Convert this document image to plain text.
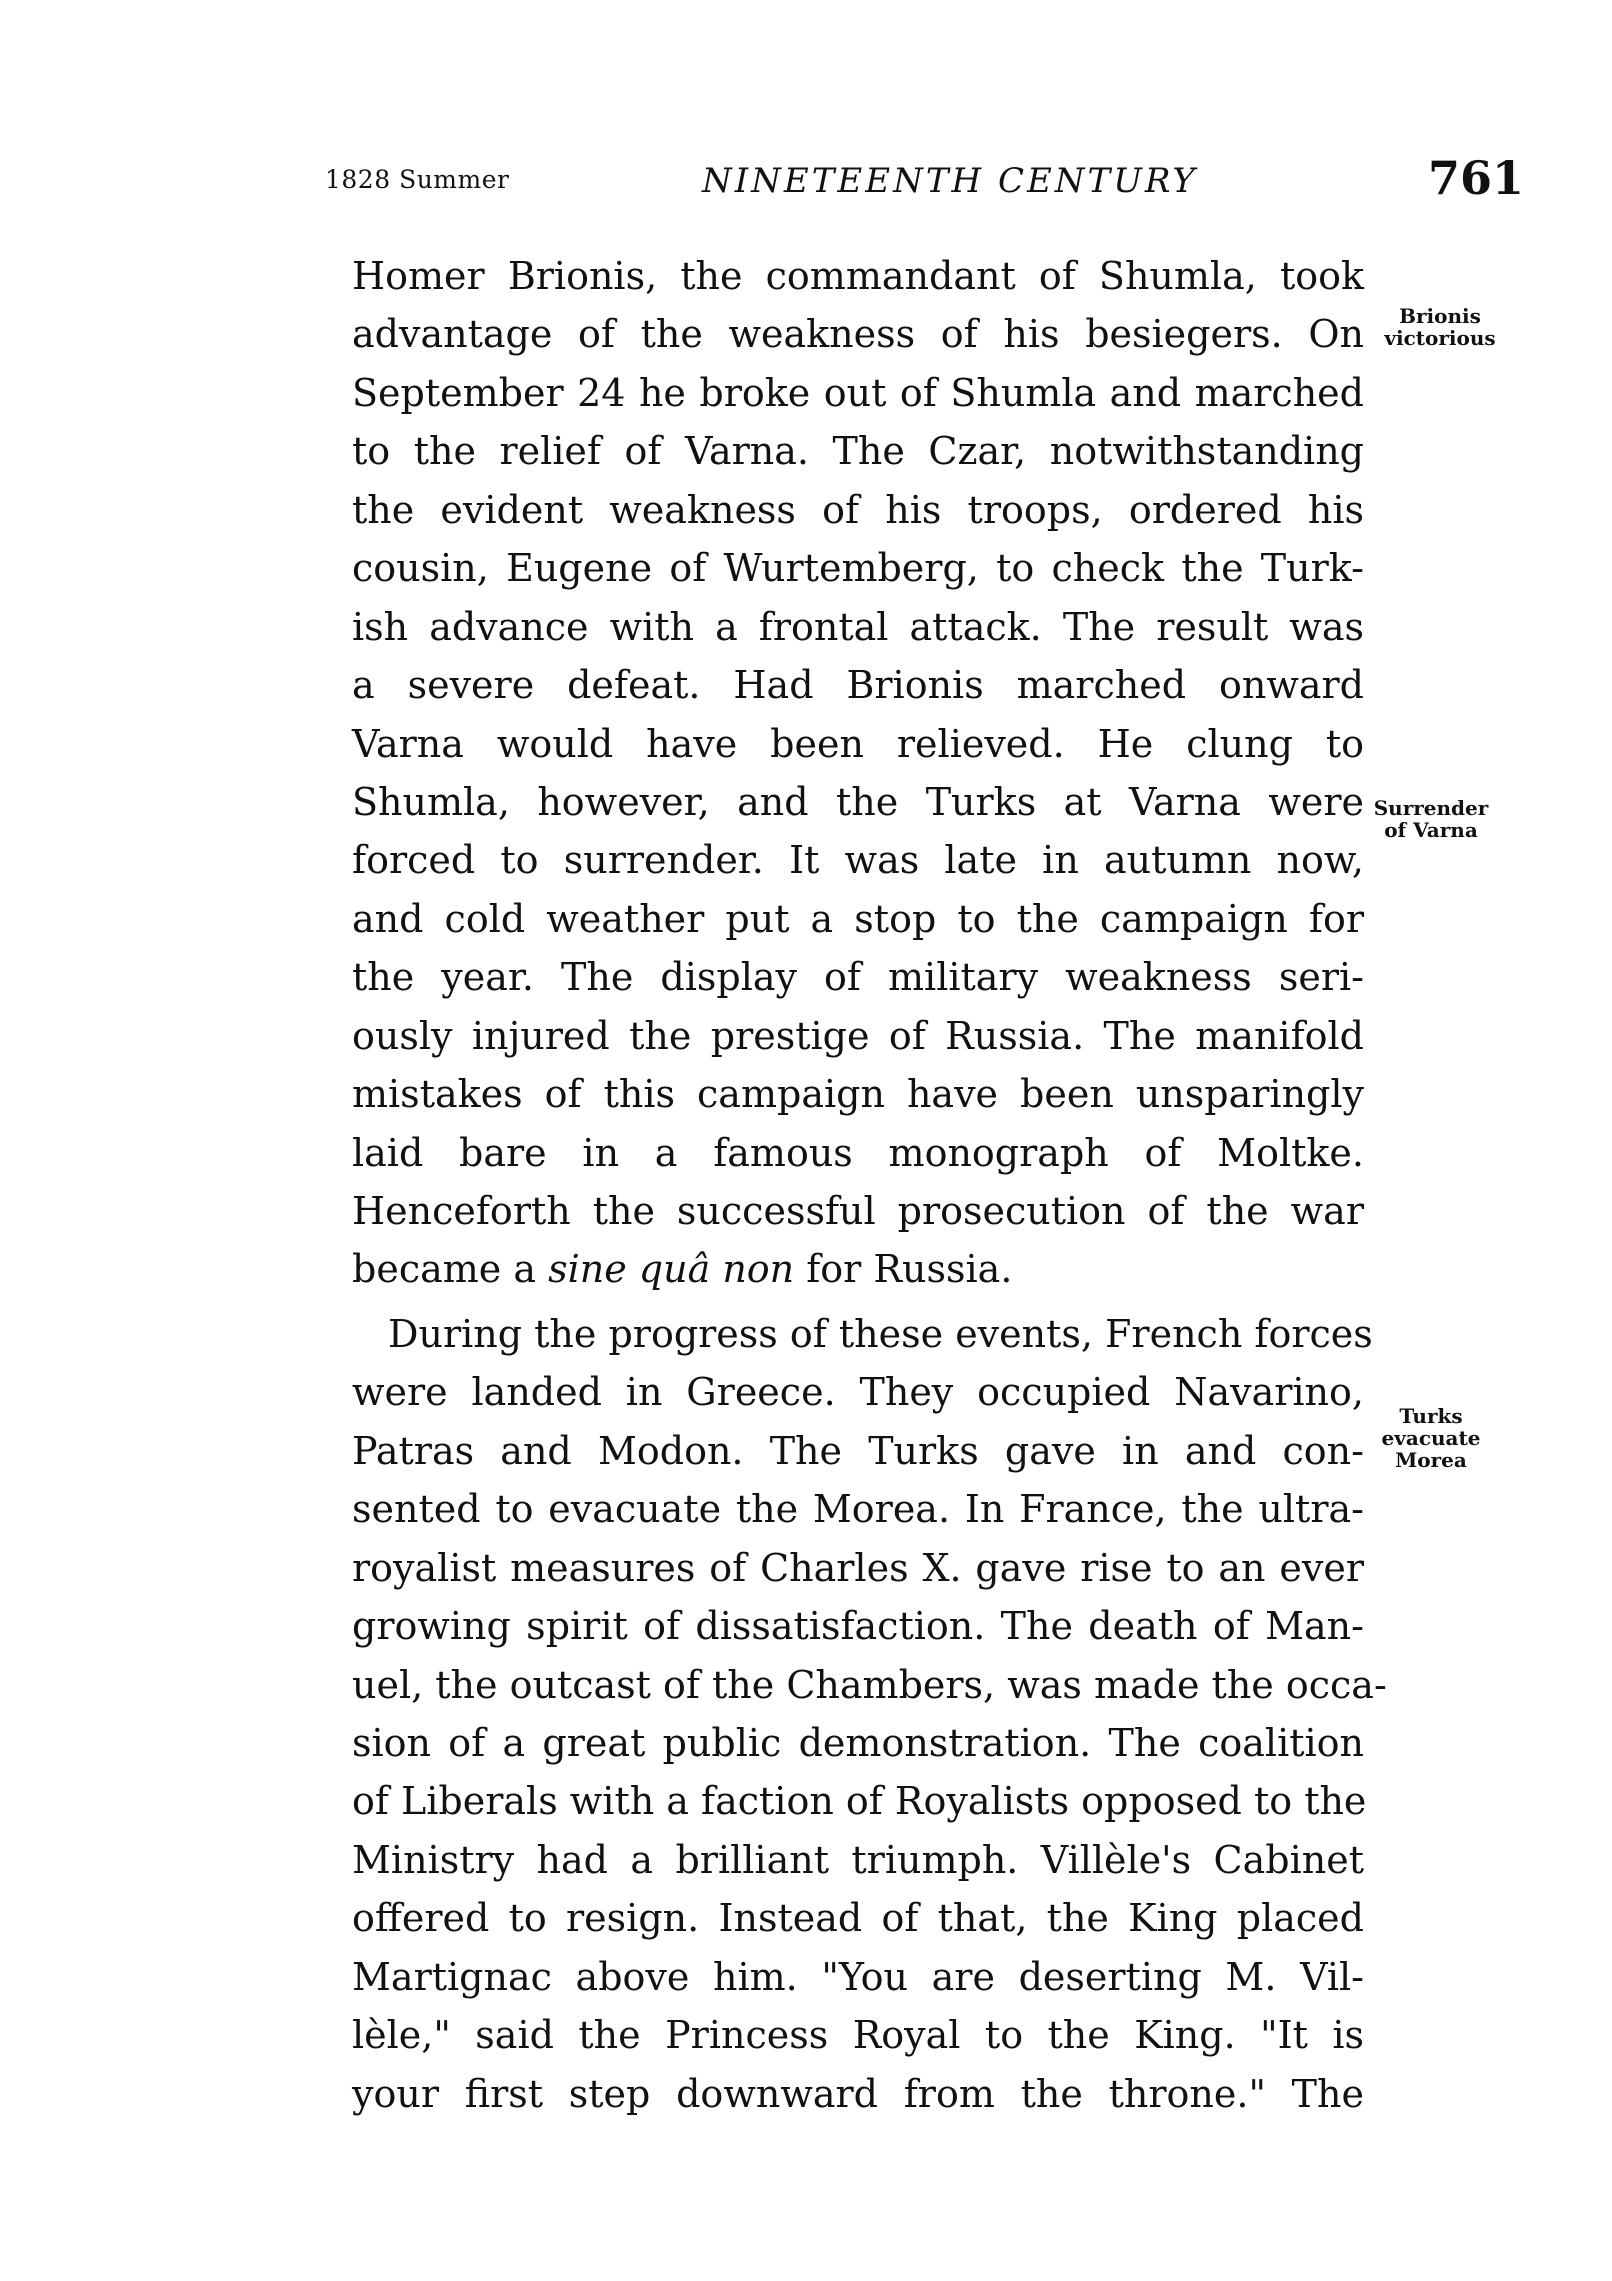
1828 Summer	NINETEENTH CENTURY	761
Homer Brionis, the commandant of Shumla, took
advantage of the weakness of his besiegers. On
September 24 he broke out of Shumla and marched
to the relief of Varna. The Czar, notwithstanding
the evident weakness of his troops, ordered his
cousin, Eugene of Wurtemberg, to check the Turk-
ish advance with a frontal attack. The result was
a severe defeat. Had Brionis marched onward
Varna would have been relieved. He clung to
Shumla, however, and the Turks at Varna were
forced to surrender. It was late in autumn now,
and cold weather put a stop to the campaign for
the year. The display of military weakness seri-
ously injured the prestige of Russia. The manifold
mistakes of this campaign have been unsparingly
laid bare in a famous monograph of Moltke.
Henceforth the successful prosecution of the war
became a sine quâ non for Russia.
During the progress of these events, French forces
were landed in Greece. They occupied Navarino,
Patras and Modon. The Turks gave in and con-
sented to evacuate the Morea. In France, the ultra-
royalist measures of Charles X. gave rise to an ever
growing spirit of dissatisfaction. The death of Man-
uel, the outcast of the Chambers, was made the occa-
sion of a great public demonstration. The coalition
of Liberals with a faction of Royalists opposed to the
Ministry had a brilliant triumph. Villèle's Cabinet
offered to resign. Instead of that, the King placed
Martignac above him. "You are deserting M. Vil-
lèle," said the Princess Royal to the King. "It is
your first step downward from the throne." The
Brionis
victorious
Surrender
of Varna
Turks
evacuate
Morea
